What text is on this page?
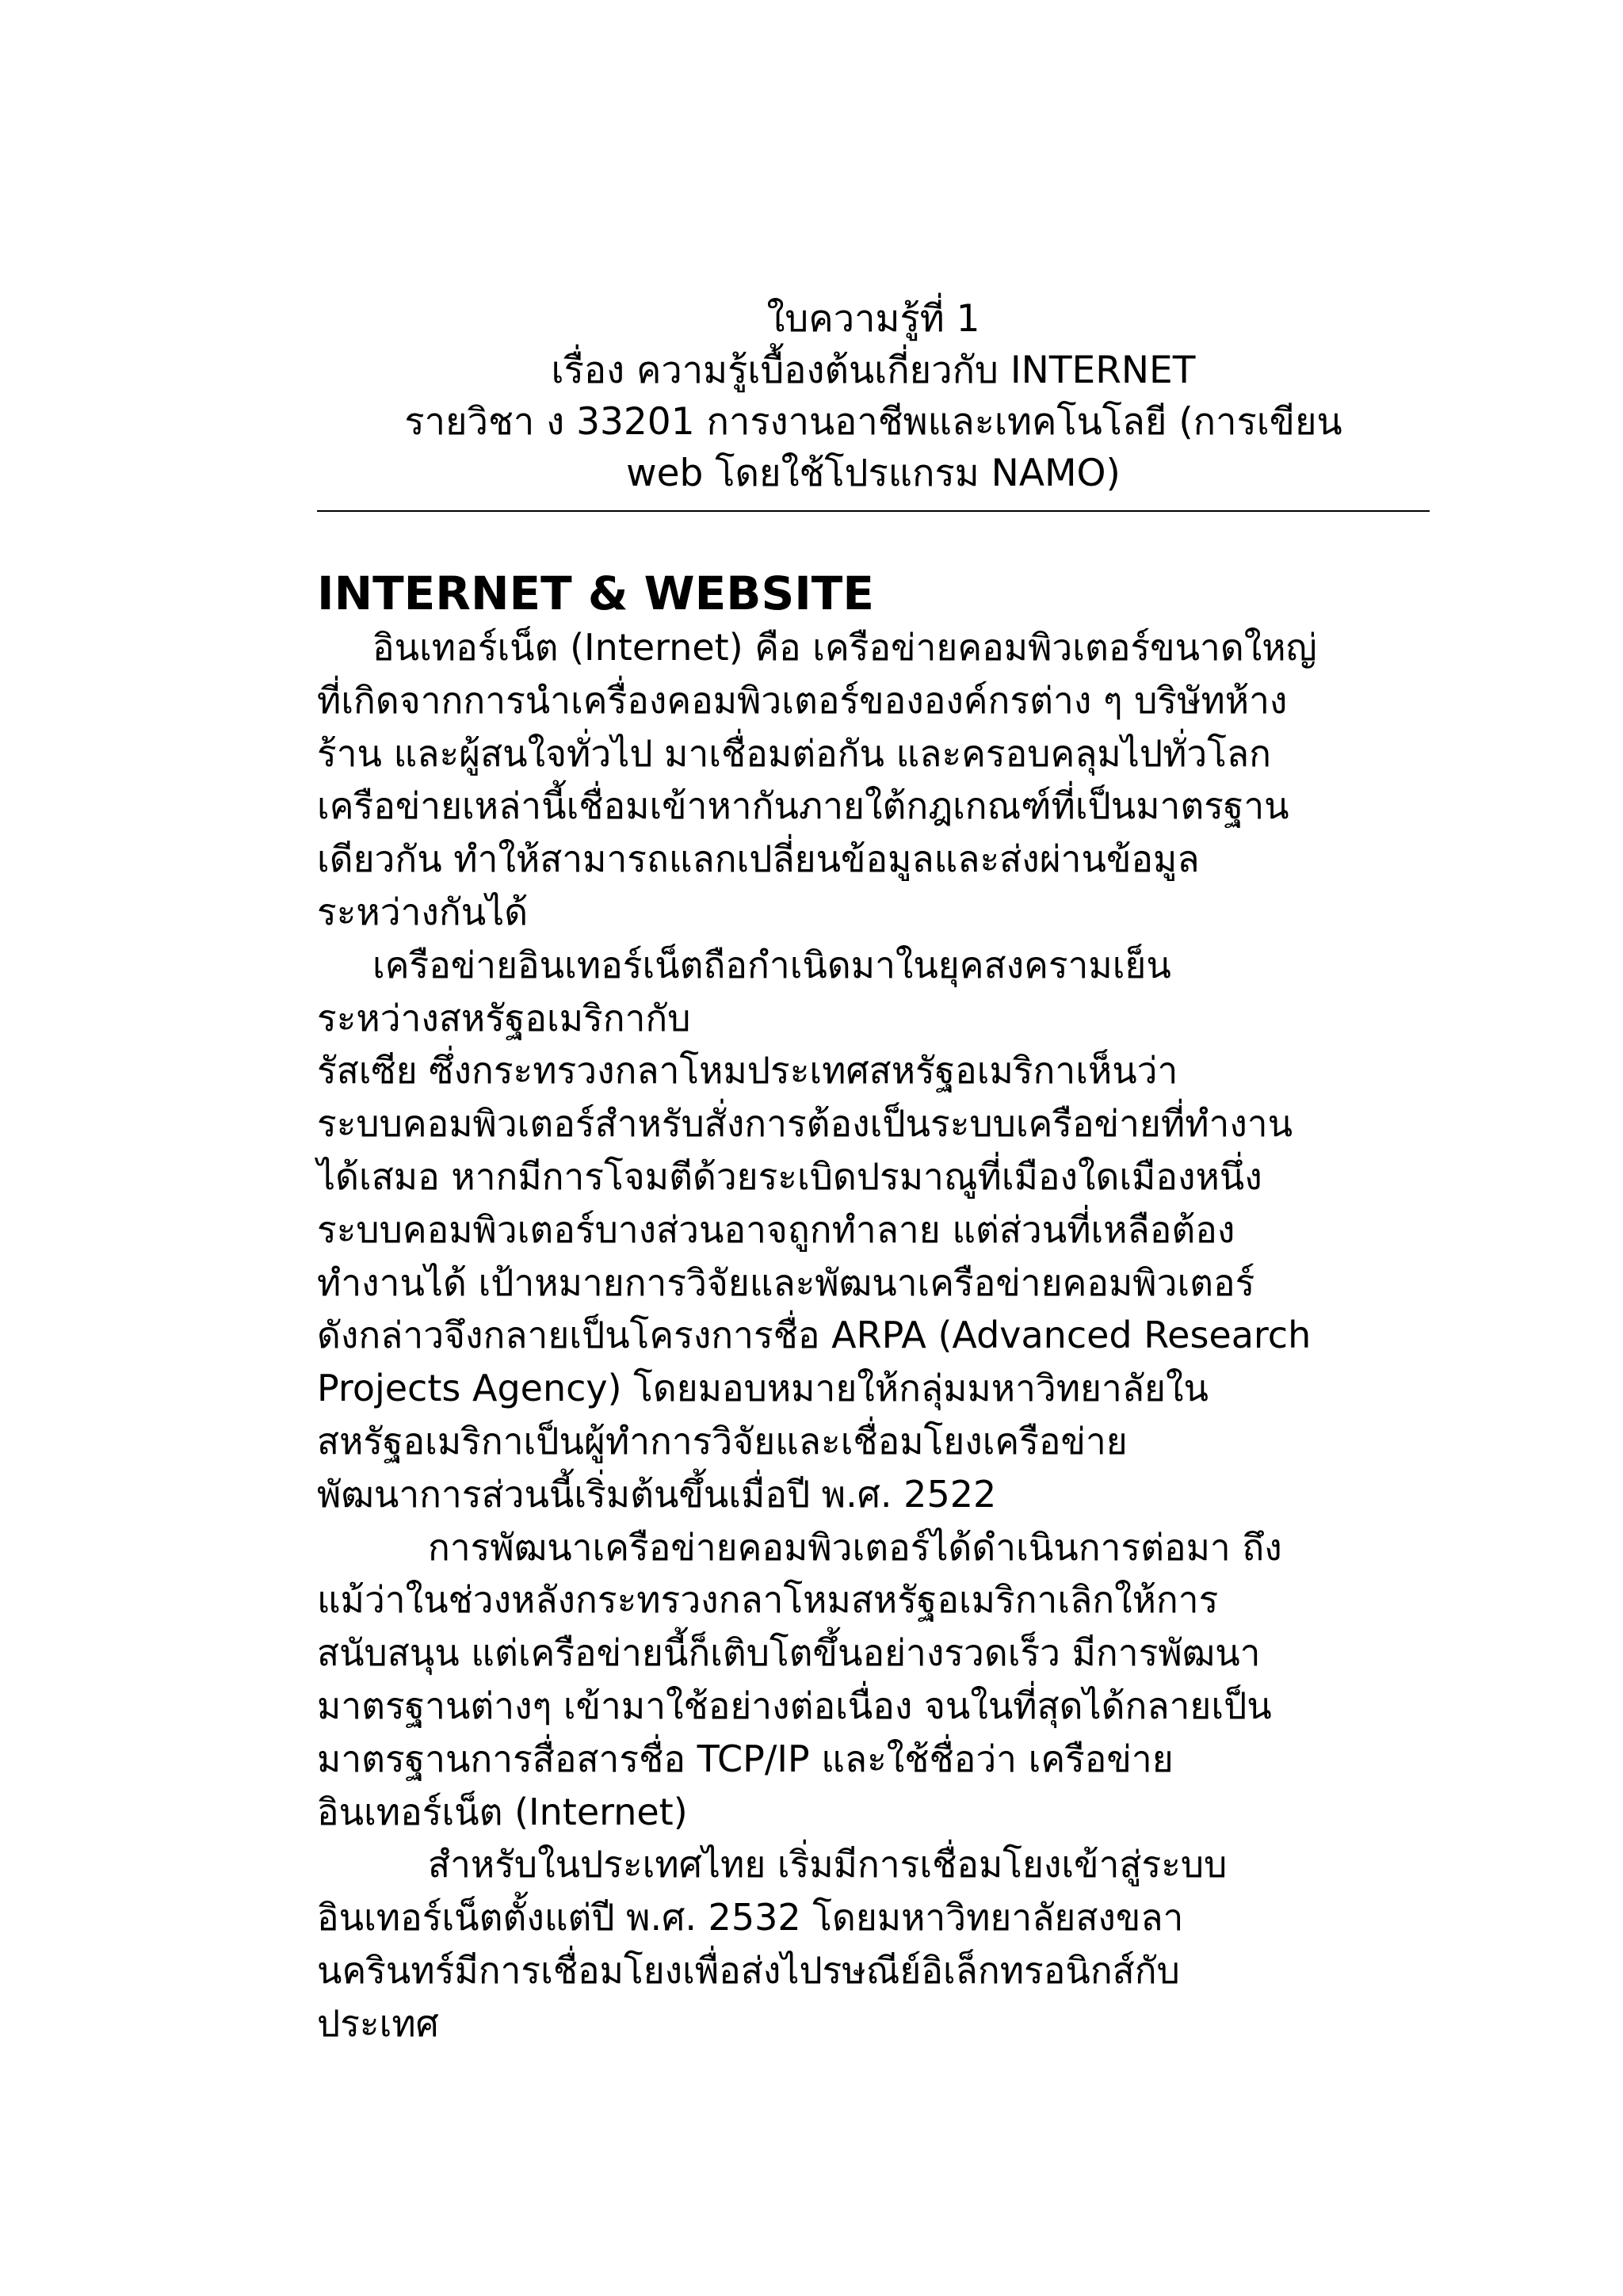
ใบความรู้ที่ 1
เรื่อง ความรู้เบื้องต้นเกี่ยวกับ INTERNET
รายวิชา ง 33201 การงานอาชีพและเทคโนโลยี (การเขียน
web โดยใช้โปรแกรม NAMO)
INTERNET & WEBSITE
อินเทอร์เน็ต (Internet) คือ เครือข่ายคอมพิวเตอร์ขนาดใหญ่
ที่เกิดจากการนำเครื่องคอมพิวเตอร์ขององค์กรต่าง ๆ บริษัทห้าง
ร้าน และผู้สนใจทั่วไป มาเชื่อมต่อกัน และครอบคลุมไปทั่วโลก
เครือข่ายเหล่านี้เชื่อมเข้าหากันภายใต้กฎเกณฑ์ที่เป็นมาตรฐาน
เดียวกัน ทำให้สามารถแลกเปลี่ยนข้อมูลและส่งผ่านข้อมูล
ระหว่างกันได้
เครือข่ายอินเทอร์เน็ตถือกำเนิดมาในยุคสงครามเย็น
ระหว่างสหรัฐอเมริกากับ
รัสเซีย ซึ่งกระทรวงกลาโหมประเทศสหรัฐอเมริกาเห็นว่า
ระบบคอมพิวเตอร์สำหรับสั่งการต้องเป็นระบบเครือข่ายที่ทำงาน
ได้เสมอ หากมีการโจมตีด้วยระเบิดปรมาณูที่เมืองใดเมืองหนึ่ง
ระบบคอมพิวเตอร์บางส่วนอาจถูกทำลาย แต่ส่วนที่เหลือต้อง
ทำงานได้ เป้าหมายการวิจัยและพัฒนาเครือข่ายคอมพิวเตอร์
ดังกล่าวจึงกลายเป็นโครงการชื่อ ARPA (Advanced Research
Projects Agency) โดยมอบหมายให้กลุ่มมหาวิทยาลัยใน
สหรัฐอเมริกาเป็นผู้ทำการวิจัยและเชื่อมโยงเครือข่าย
พัฒนาการส่วนนี้เริ่มต้นขึ้นเมื่อปี พ.ศ. 2522
การพัฒนาเครือข่ายคอมพิวเตอร์ได้ดำเนินการต่อมา ถึง
แม้ว่าในช่วงหลังกระทรวงกลาโหมสหรัฐอเมริกาเลิกให้การ
สนับสนุน แต่เครือข่ายนี้ก็เติบโตขึ้นอย่างรวดเร็ว มีการพัฒนา
มาตรฐานต่างๆ เข้ามาใช้อย่างต่อเนื่อง จนในที่สุดได้กลายเป็น
มาตรฐานการสื่อสารชื่อ TCP/IP และใช้ชื่อว่า เครือข่าย
อินเทอร์เน็ต (Internet)
สำหรับในประเทศไทย เริ่มมีการเชื่อมโยงเข้าสู่ระบบ
อินเทอร์เน็ตตั้งแต่ปี พ.ศ. 2532 โดยมหาวิทยาลัยสงขลา
นครินทร์มีการเชื่อมโยงเพื่อส่งไปรษณีย์อิเล็กทรอนิกส์กับ
ประเทศ
